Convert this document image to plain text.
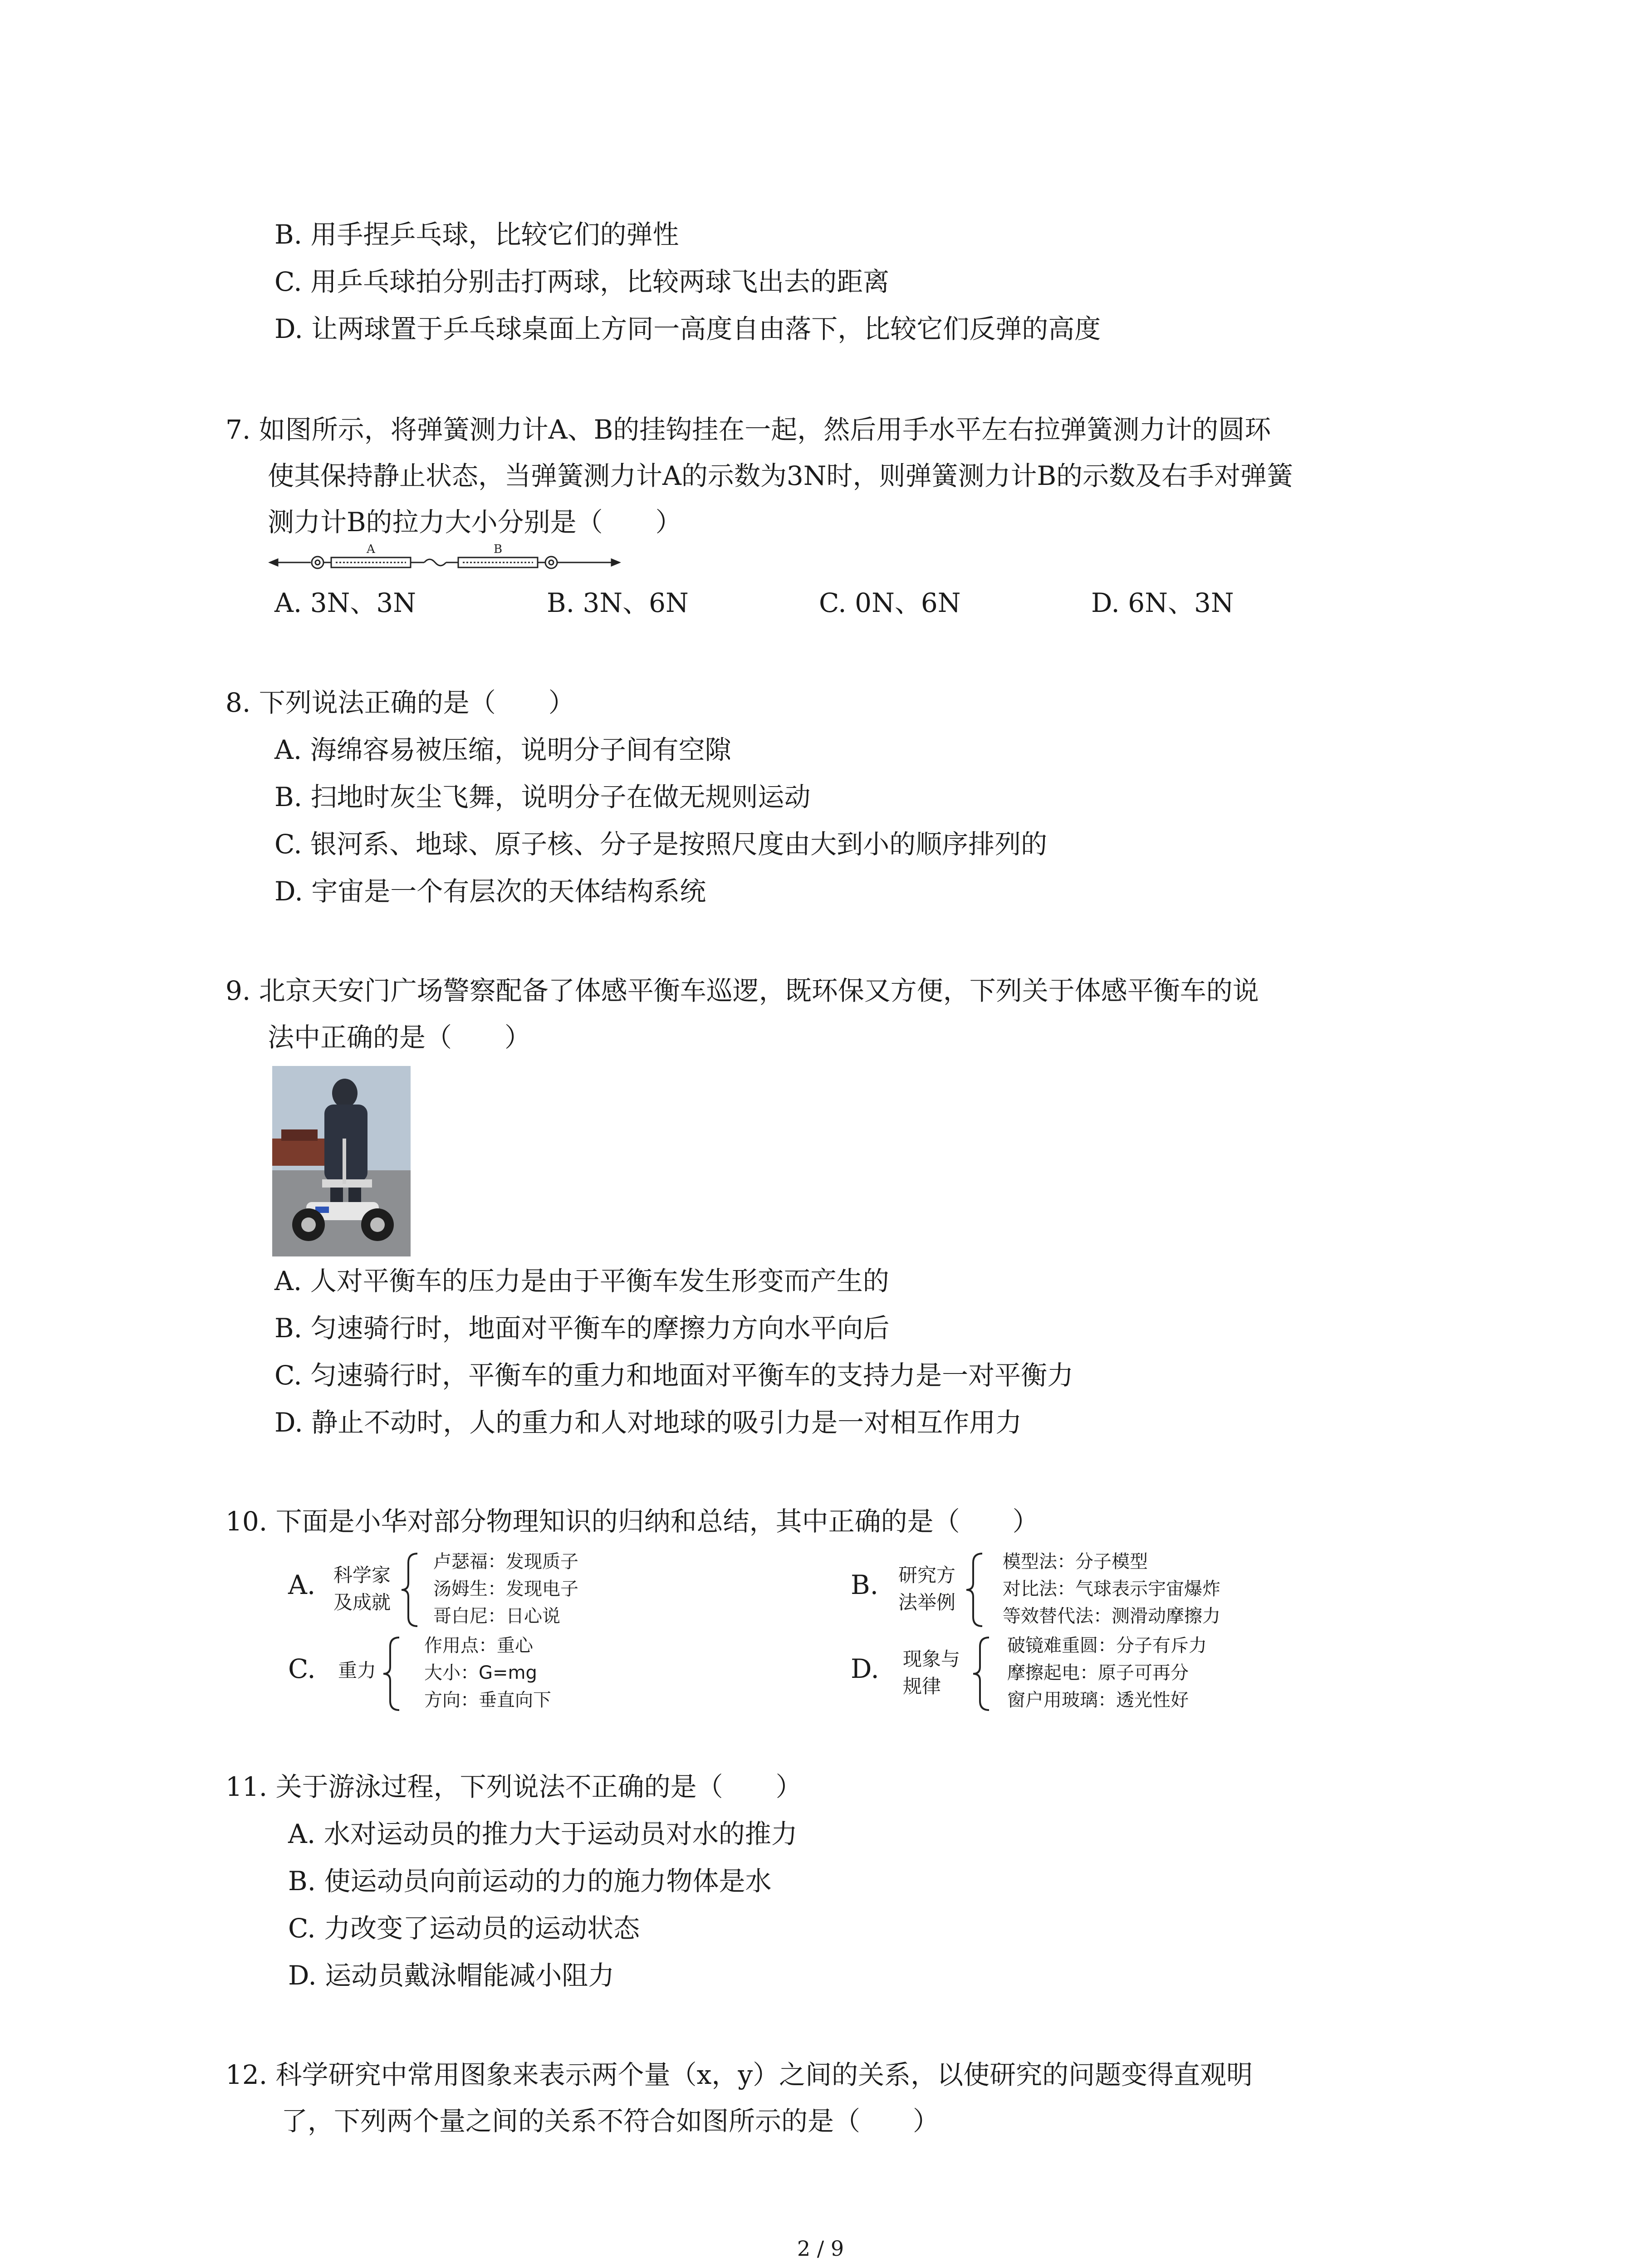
B. 用手捏乒乓球，比较它们的弹性
C. 用乒乓球拍分别击打两球，比较两球飞出去的距离
D. 让两球置于乒乓球桌面上方同一高度自由落下，比较它们反弹的高度
7. 如图所示，将弹簧测力计A、B的挂钩挂在一起，然后用手水平左右拉弹簧测力计的圆环
使其保持静止状态，当弹簧测力计A的示数为3N时，则弹簧测力计B的示数及右手对弹簧
测力计B的拉力大小分别是（　　）
A	B
A. 3N、3N	B. 3N、6N	C. 0N、6N	D. 6N、3N
8. 下列说法正确的是（　　）
A. 海绵容易被压缩，说明分子间有空隙
B. 扫地时灰尘飞舞，说明分子在做无规则运动
C. 银河系、地球、原子核、分子是按照尺度由大到小的顺序排列的
D. 宇宙是一个有层次的天体结构系统
9. 北京天安门广场警察配备了体感平衡车巡逻，既环保又方便，下列关于体感平衡车的说
法中正确的是（　　）
A. 人对平衡车的压力是由于平衡车发生形变而产生的
B. 匀速骑行时，地面对平衡车的摩擦力方向水平向后
C. 匀速骑行时，平衡车的重力和地面对平衡车的支持力是一对平衡力
D. 静止不动时，人的重力和人对地球的吸引力是一对相互作用力
10. 下面是小华对部分物理知识的归纳和总结，其中正确的是（　　）
A. 科学家
及成就
卢瑟福：发现质子
汤姆生：发现电子
哥白尼：日心说
B. 研究方
法举例
模型法：分子模型
对比法：气球表示宇宙爆炸
等效替代法：测滑动摩擦力
C. 重力
作用点：重心
大小：G=mg
方向：垂直向下
D. 现象与
规律
破镜难重圆：分子有斥力
摩擦起电：原子可再分
窗户用玻璃：透光性好
11. 关于游泳过程，下列说法不正确的是（　　）
A. 水对运动员的推力大于运动员对水的推力
B. 使运动员向前运动的力的施力物体是水
C. 力改变了运动员的运动状态
D. 运动员戴泳帽能减小阻力
12. 科学研究中常用图象来表示两个量（x，y）之间的关系，以使研究的问题变得直观明
了，下列两个量之间的关系不符合如图所示的是（　　）
2 / 9
